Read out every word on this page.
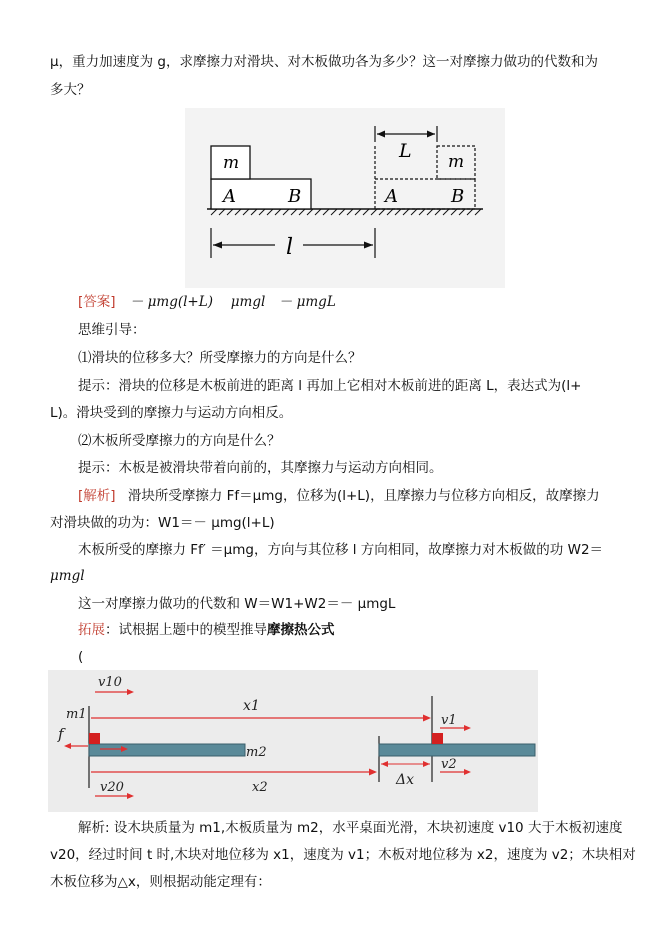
μ，重力加速度为 g，求摩擦力对滑块、对木板做功各为多少？这一对摩擦力做功的代数和为
多大？
m
A	B
m
A	B
L
l
[答案] － μmg(l+L)　 μmgl　－ μmgL
思维引导：
⑴滑块的位移多大？所受摩擦力的方向是什么？
提示：滑块的位移是木板前进的距离 l 再加上它相对木板前进的距离 L，表达式为(l+
L)。滑块受到的摩擦力与运动方向相反。
⑵木板所受摩擦力的方向是什么？
提示：木板是被滑块带着向前的，其摩擦力与运动方向相同。
[解析] 滑块所受摩擦力 Ff＝μmg，位移为(l+L)，且摩擦力与位移方向相反，故摩擦力
对滑块做的功为：W1＝－ μmg(l+L)
木板所受的摩擦力 Ff′ ＝μmg，方向与其位移 l 方向相同，故摩擦力对木板做的功 W2＝
μmgl
这一对摩擦力做功的代数和 W＝W1+W2＝－ μmgL
拓展：试根据上题中的模型推导摩擦热公式
(
v10
x1
m1
f
m2
x2
v20
v1
v2
Δx
解析: 设木块质量为 m1,木板质量为 m2，水平桌面光滑，木块初速度 v10 大于木板初速度
v20，经过时间 t 时,木块对地位移为 x1，速度为 v1；木板对地位移为 x2，速度为 v2；木块相对
木板位移为△x，则根据动能定理有：
